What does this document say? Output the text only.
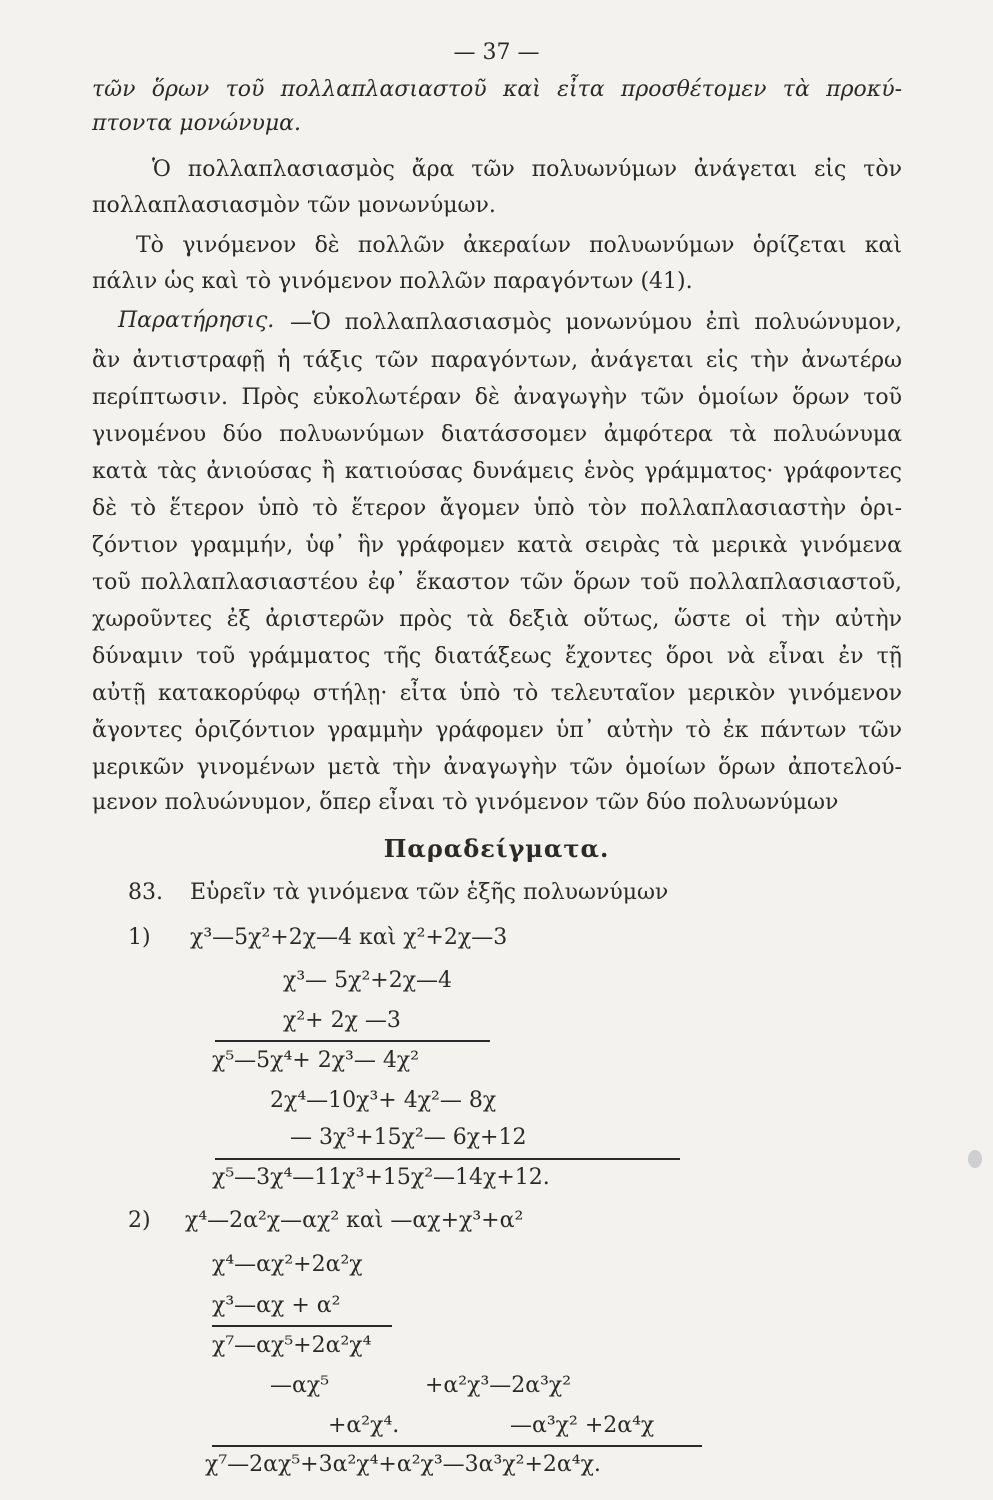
— 37 —
τῶν ὅρων τοῦ πολλαπλασιαστοῦ καὶ εἶτα προσθέτομεν τὰ προκύ-
πτοντα μονώνυμα.
Ὁ πολλαπλασιασμὸς ἄρα τῶν πολυωνύμων ἀνάγεται εἰς τὸν
πολλαπλασιασμὸν τῶν μονωνύμων.
Τὸ γινόμενον δὲ πολλῶν ἀκεραίων πολυωνύμων ὁρίζεται καὶ
πάλιν ὡς καὶ τὸ γινόμενον πολλῶν παραγόντων (41).
Παρατήρησις. —Ὁ πολλαπλασιασμὸς μονωνύμου ἐπὶ πολυώνυμον,
ἂν ἀντιστραφῇ ἡ τάξις τῶν παραγόντων, ἀνάγεται εἰς τὴν ἀνωτέρω
περίπτωσιν. Πρὸς εὐκολωτέραν δὲ ἀναγωγὴν τῶν ὁμοίων ὅρων τοῦ
γινομένου δύο πολυωνύμων διατάσσομεν ἀμφότερα τὰ πολυώνυμα
κατὰ τὰς ἀνιούσας ἢ κατιούσας δυνάμεις ἑνὸς γράμματος· γράφοντες
δὲ τὸ ἕτερον ὑπὸ τὸ ἕτερον ἄγομεν ὑπὸ τὸν πολλαπλασιαστὴν ὁρι-
ζόντιον γραμμήν, ὑφ᾽ ἣν γράφομεν κατὰ σειρὰς τὰ μερικὰ γινόμενα
τοῦ πολλαπλασιαστέου ἐφ᾽ ἕκαστον τῶν ὅρων τοῦ πολλαπλασιαστοῦ,
χωροῦντες ἐξ ἀριστερῶν πρὸς τὰ δεξιὰ οὕτως, ὥστε οἱ τὴν αὐτὴν
δύναμιν τοῦ γράμματος τῆς διατάξεως ἔχοντες ὅροι νὰ εἶναι ἐν τῇ
αὐτῇ κατακορύφῳ στήλῃ· εἶτα ὑπὸ τὸ τελευταῖον μερικὸν γινόμενον
ἄγοντες ὁριζόντιον γραμμὴν γράφομεν ὑπ᾽ αὐτὴν τὸ ἐκ πάντων τῶν
μερικῶν γινομένων μετὰ τὴν ἀναγωγὴν τῶν ὁμοίων ὅρων ἀποτελού-
μενον πολυώνυμον, ὅπερ εἶναι τὸ γινόμενον τῶν δύο πολυωνύμων
Παραδείγματα.
83. Εὑρεῖν τὰ γινόμενα τῶν ἑξῆς πολυωνύμων
1) χ³—5χ²+2χ—4 καὶ χ²+2χ—3
χ³— 5χ²+2χ—4
χ²+ 2χ —3
χ⁵—5χ⁴+ 2χ³— 4χ²
2χ⁴—10χ³+ 4χ²— 8χ
— 3χ³+15χ²— 6χ+12
χ⁵—3χ⁴—11χ³+15χ²—14χ+12.
2) χ⁴—2α²χ—αχ² καὶ —αχ+χ³+α²
χ⁴—αχ²+2α²χ
χ³—αχ + α²
χ⁷—αχ⁵+2α²χ⁴
—αχ⁵	+α²χ³—2α³χ²
+α²χ⁴.	—α³χ² +2α⁴χ
χ⁷—2αχ⁵+3α²χ⁴+α²χ³—3α³χ²+2α⁴χ.
